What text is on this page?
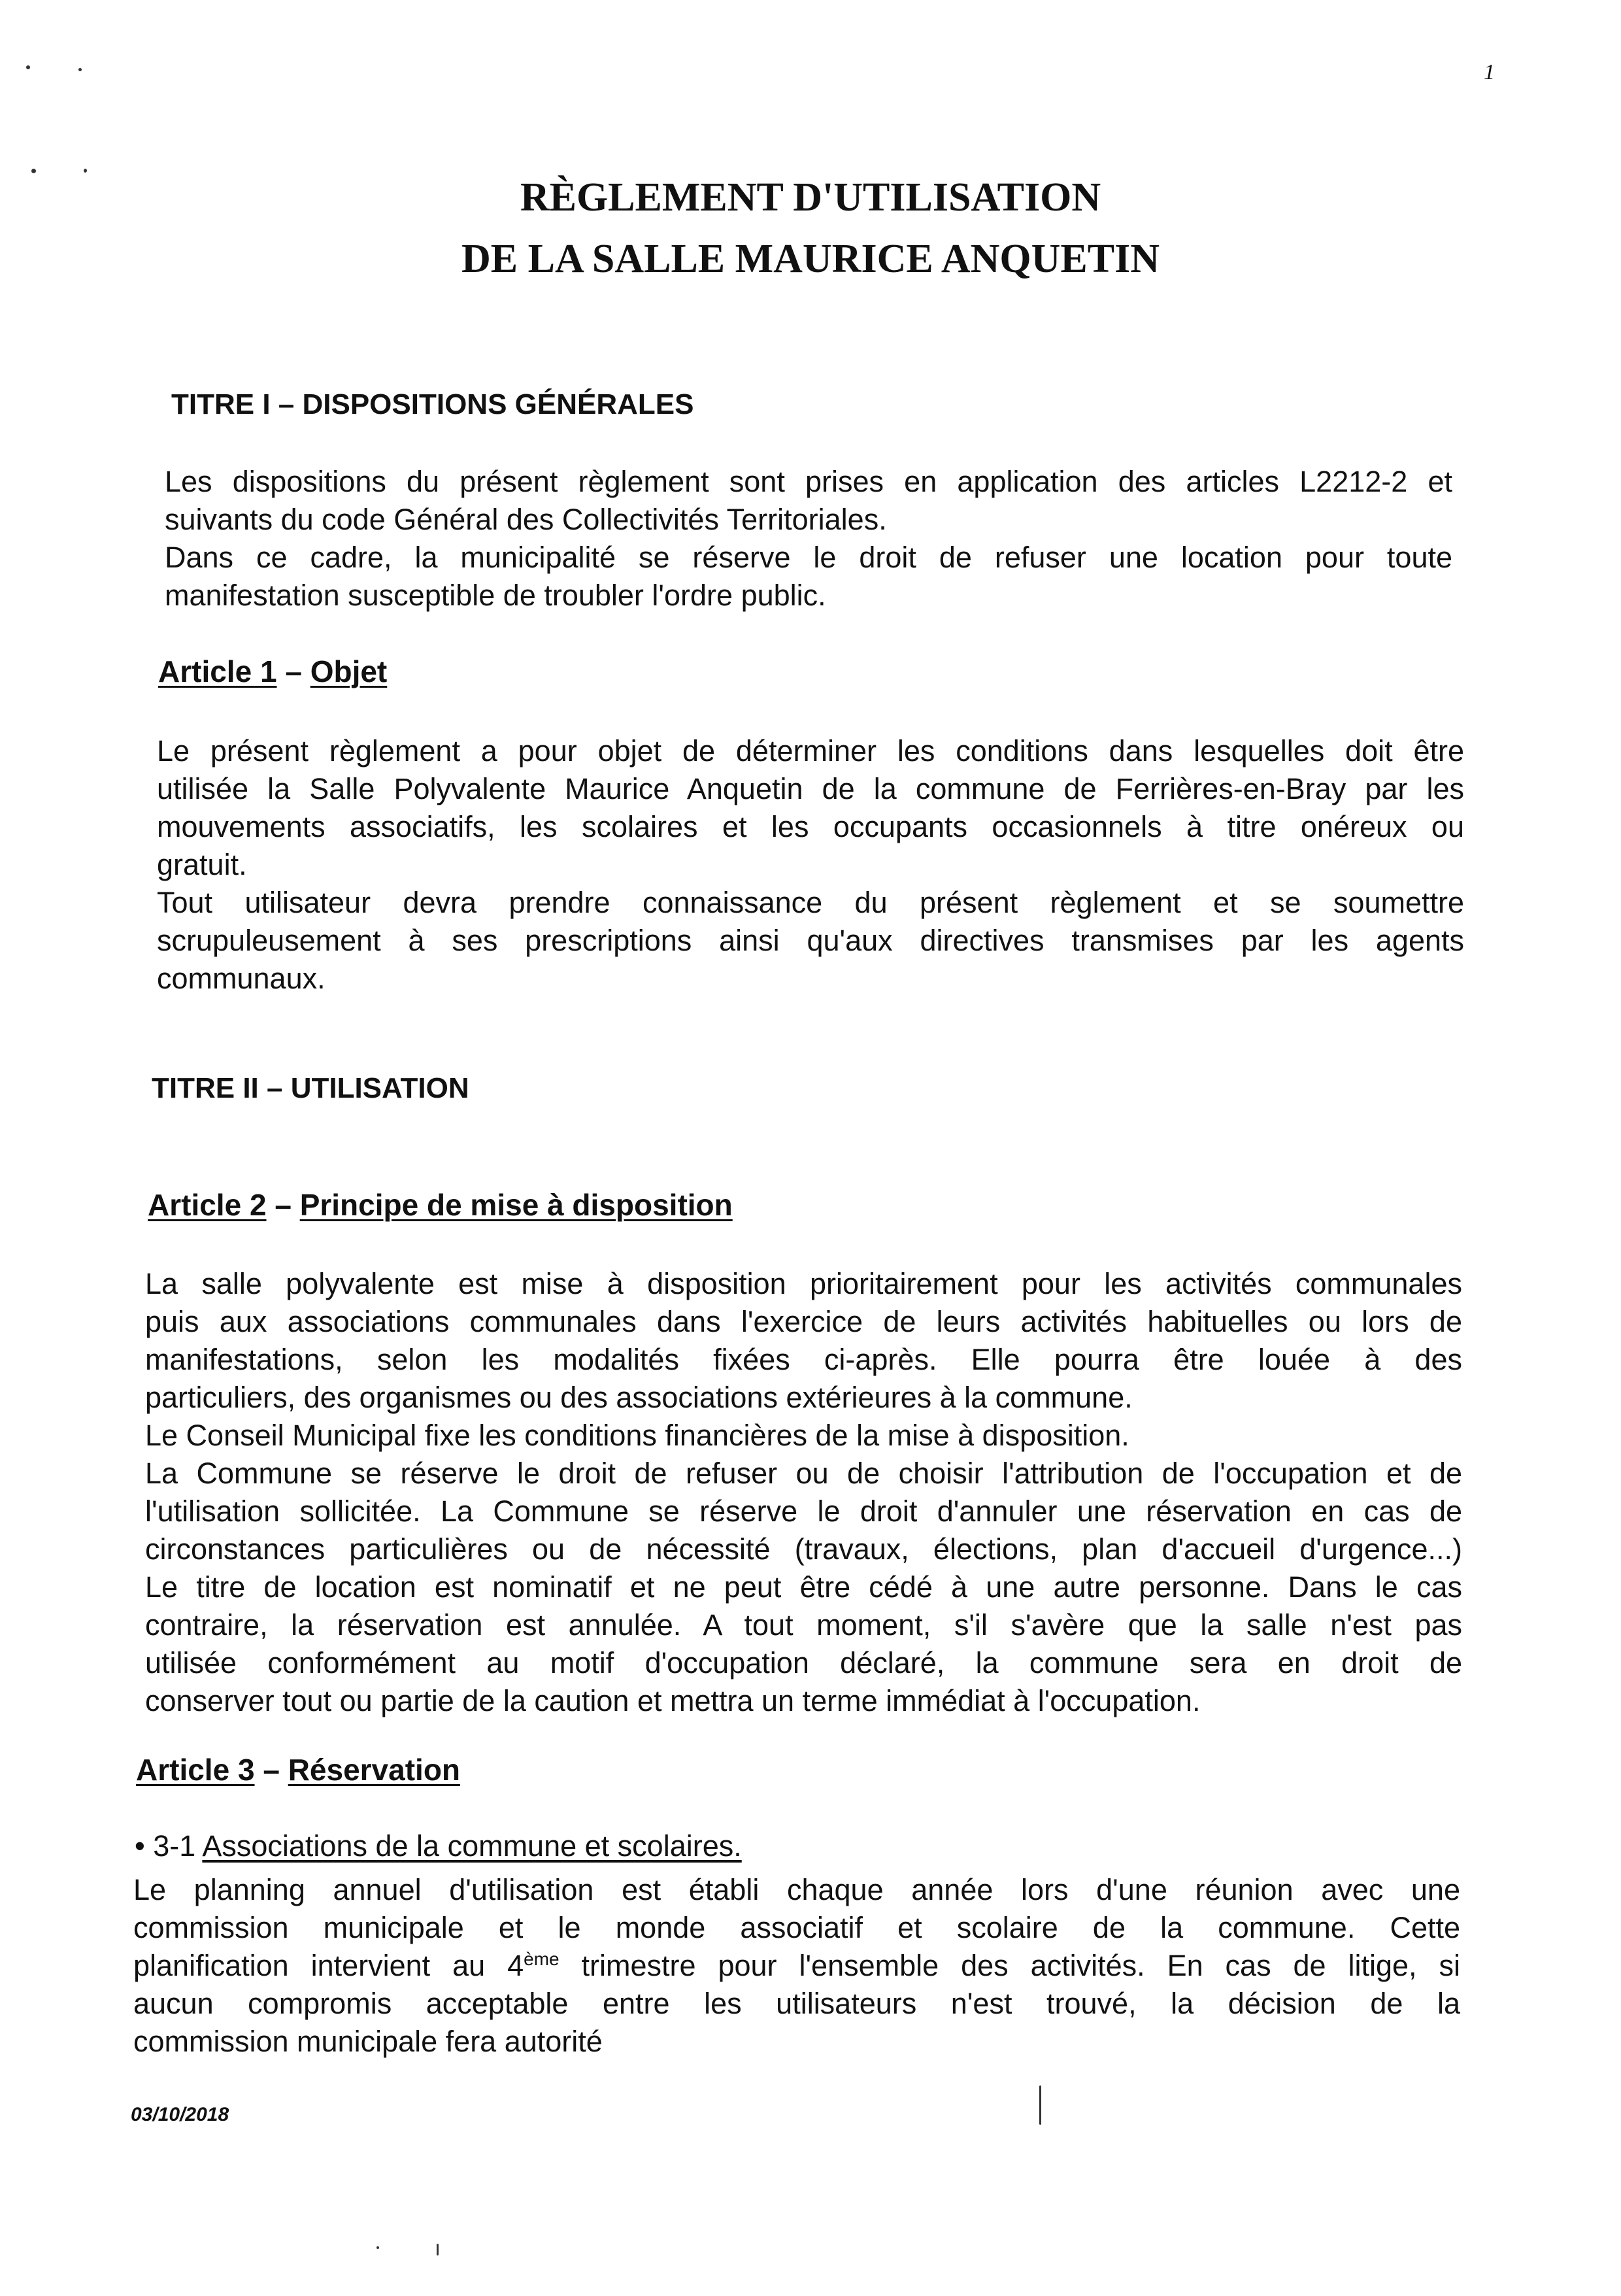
1
RÈGLEMENT D'UTILISATION
DE LA SALLE MAURICE ANQUETIN
TITRE I – DISPOSITIONS GÉNÉRALES
Les dispositions du présent règlement sont prises en application des articles L2212-2 et
suivants du code Général des Collectivités Territoriales.
Dans ce cadre, la municipalité se réserve le droit de refuser une location pour toute
manifestation susceptible de troubler l'ordre public.
Article 1 – Objet
Le présent règlement a pour objet de déterminer les conditions dans lesquelles doit être
utilisée la Salle Polyvalente Maurice Anquetin de la commune de Ferrières-en-Bray par les
mouvements associatifs, les scolaires et les occupants occasionnels à titre onéreux ou
gratuit.
Tout utilisateur devra prendre connaissance du présent règlement et se soumettre
scrupuleusement à ses prescriptions ainsi qu'aux directives transmises par les agents
communaux.
TITRE II – UTILISATION
Article 2 – Principe de mise à disposition
La salle polyvalente est mise à disposition prioritairement pour les activités communales
puis aux associations communales dans l'exercice de leurs activités habituelles ou lors de
manifestations, selon les modalités fixées ci-après. Elle pourra être louée à des
particuliers, des organismes ou des associations extérieures à la commune.
Le Conseil Municipal fixe les conditions financières de la mise à disposition.
La Commune se réserve le droit de refuser ou de choisir l'attribution de l'occupation et de
l'utilisation sollicitée. La Commune se réserve le droit d'annuler une réservation en cas de
circonstances particulières ou de nécessité (travaux, élections, plan d'accueil d'urgence...)
Le titre de location est nominatif et ne peut être cédé à une autre personne. Dans le cas
contraire, la réservation est annulée. A tout moment, s'il s'avère que la salle n'est pas
utilisée conformément au motif d'occupation déclaré, la commune sera en droit de
conserver tout ou partie de la caution et mettra un terme immédiat à l'occupation.
Article 3 – Réservation
• 3-1 Associations de la commune et scolaires.
Le planning annuel d'utilisation est établi chaque année lors d'une réunion avec une
commission municipale et le monde associatif et scolaire de la commune. Cette
planification intervient au 4ème trimestre pour l'ensemble des activités. En cas de litige, si
aucun compromis acceptable entre les utilisateurs n'est trouvé, la décision de la
commission municipale fera autorité
03/10/2018
